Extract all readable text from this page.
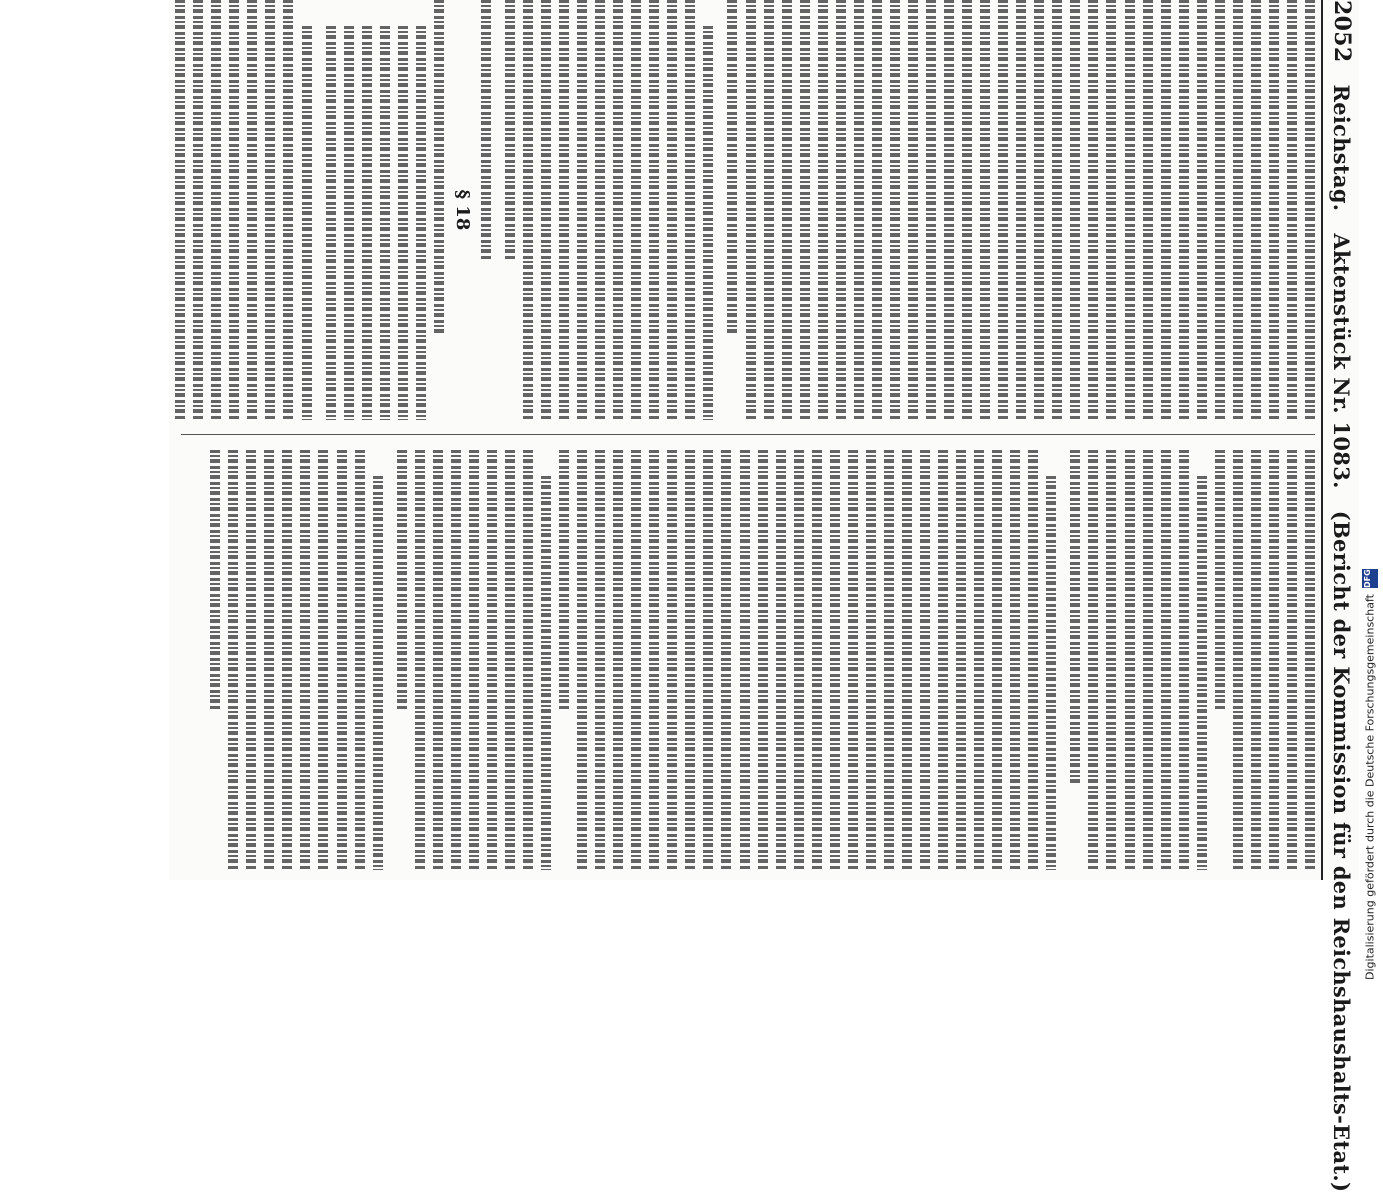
2052
Reichstag.
Aktenstück Nr. 1083.
(Bericht der Kommission für den Reichshaushalts-Etat.)
§ 18
Digitalisierung gefördert durch die Deutsche Forschungsgemeinschaft
DFG
